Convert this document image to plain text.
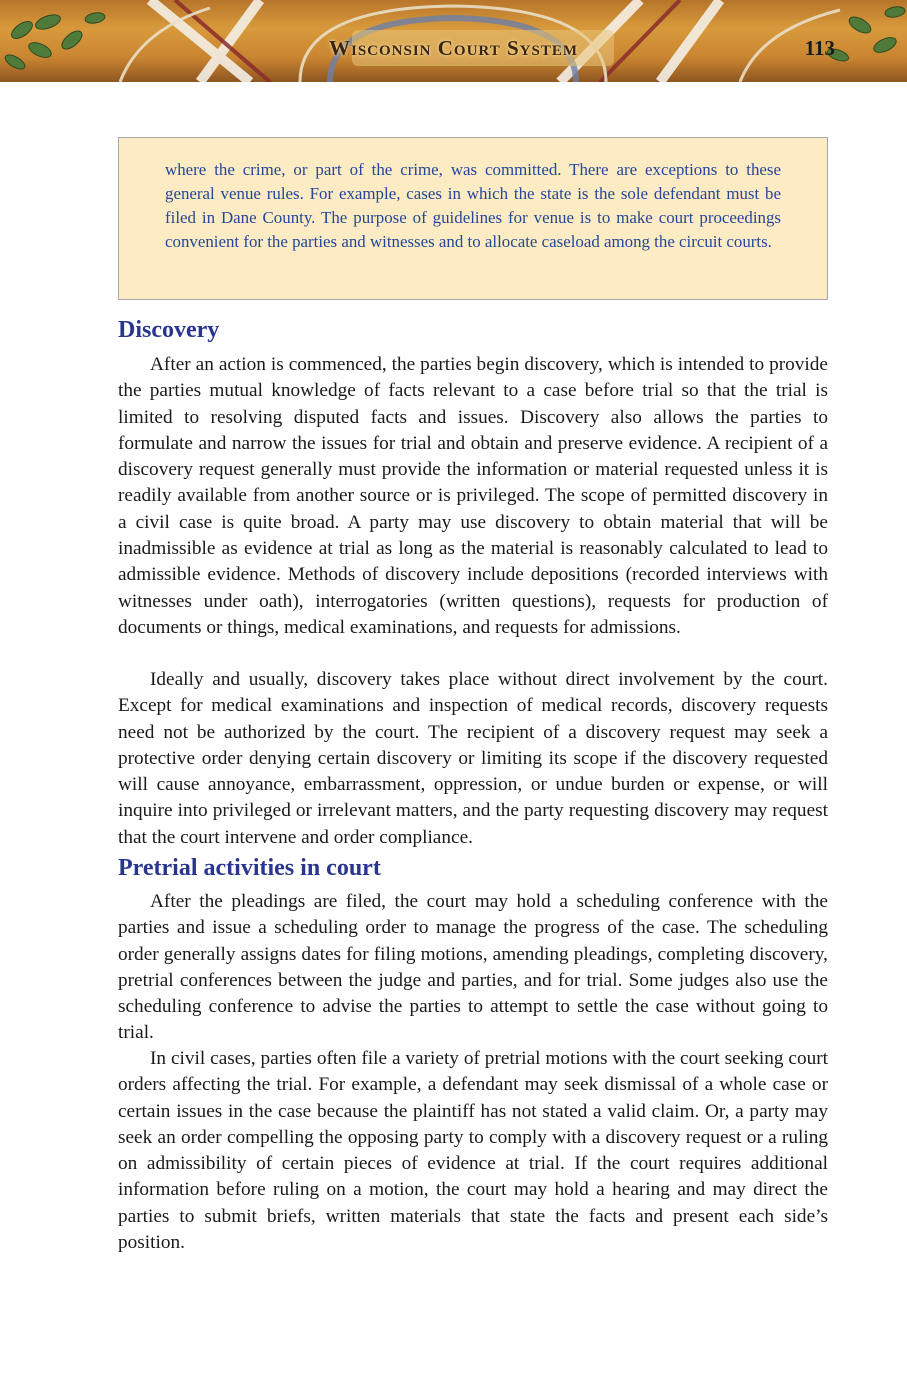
Wisconsin Court System	113

where the crime, or part of the crime, was committed. There are exceptions to these general venue rules. For example, cases in which the state is the sole defendant must be filed in Dane County. The purpose of guidelines for venue is to make court proceedings convenient for the parties and witnesses and to allocate caseload among the circuit courts.

Discovery

After an action is commenced, the parties begin discovery, which is intended to provide the parties mutual knowledge of facts relevant to a case before trial so that the trial is limited to resolving disputed facts and issues. Discovery also allows the parties to formulate and narrow the issues for trial and obtain and preserve evidence. A recipient of a discovery request generally must provide the information or material requested unless it is readily available from another source or is privileged. The scope of permitted discovery in a civil case is quite broad. A party may use discovery to obtain material that will be inadmissible as evidence at trial as long as the material is reasonably calculated to lead to admissible evidence. Methods of discovery include depositions (recorded interviews with witnesses under oath), interrogatories (written questions), requests for production of documents or things, medical examinations, and requests for admissions.

Ideally and usually, discovery takes place without direct involvement by the court. Except for medical examinations and inspection of medical records, discovery requests need not be authorized by the court. The recipient of a discovery request may seek a protective order denying certain discovery or limiting its scope if the discovery requested will cause annoyance, embarrassment, oppression, or undue burden or expense, or will inquire into privileged or irrelevant matters, and the party requesting discovery may request that the court intervene and order compliance.

Pretrial activities in court

After the pleadings are filed, the court may hold a scheduling conference with the parties and issue a scheduling order to manage the progress of the case. The scheduling order generally assigns dates for filing motions, amending pleadings, completing discovery, pretrial conferences between the judge and parties, and for trial. Some judges also use the scheduling conference to advise the parties to attempt to settle the case without going to trial.

In civil cases, parties often file a variety of pretrial motions with the court seeking court orders affecting the trial. For example, a defendant may seek dismissal of a whole case or certain issues in the case because the plaintiff has not stated a valid claim. Or, a party may seek an order compelling the opposing party to comply with a discovery request or a ruling on admissibility of certain pieces of evidence at trial. If the court requires additional information before ruling on a motion, the court may hold a hearing and may direct the parties to submit briefs, written materials that state the facts and present each side’s position.
